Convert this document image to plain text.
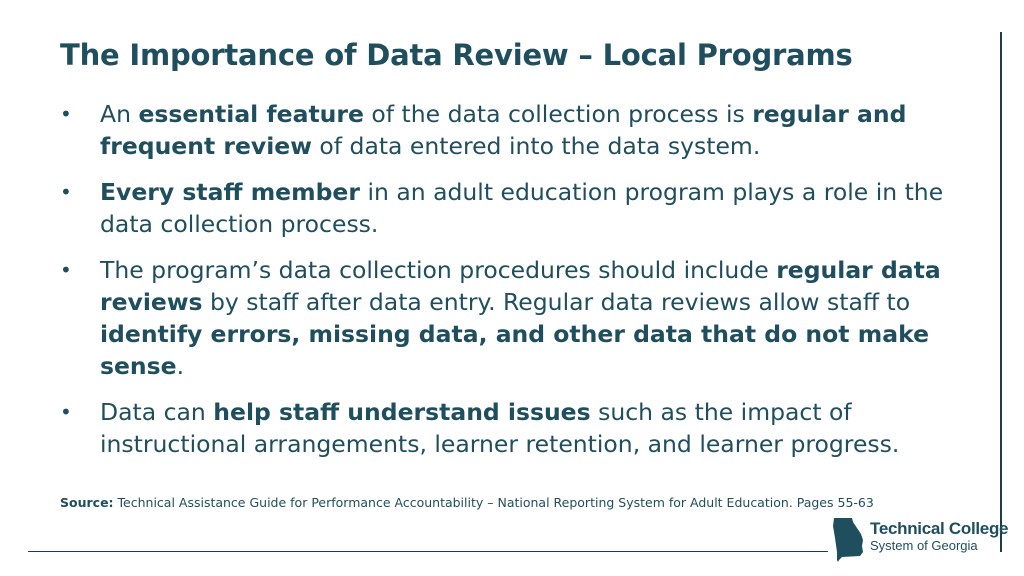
The Importance of Data Review – Local Programs
•	An essential feature of the data collection process is regular and frequent review of data entered into the data system.
•	Every staff member in an adult education program plays a role in the data collection process.
•	The program’s data collection procedures should include regular data reviews by staff after data entry. Regular data reviews allow staff to identify errors, missing data, and other data that do not make sense.
•	Data can help staff understand issues such as the impact of instructional arrangements, learner retention, and learner progress.
Source: Technical Assistance Guide for Performance Accountability – National Reporting System for Adult Education. Pages 55-63
Technical College
System of Georgia
